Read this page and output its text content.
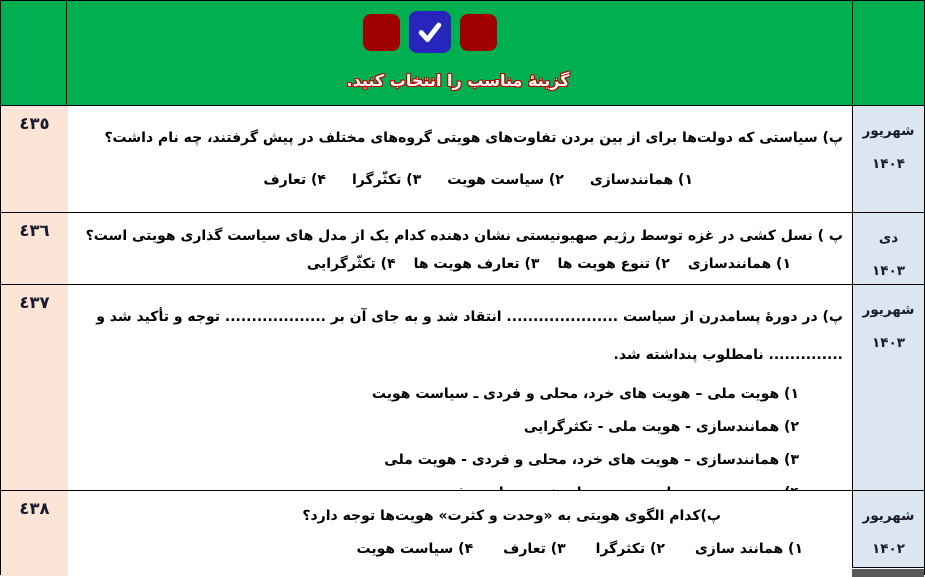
گزینهٔ مناسب را انتخاب کنید.
شهریور
۱۴۰۴
پ) سیاستی که دولت‌ها برای از بین بردن تفاوت‌های هویتی گروه‌های مختلف در پیش گرفتند، چه نام داشت؟
۱) همانندسازی
۲) سیاست هویت
۳) تکثّرگرا
۴) تعارف
٤٣٥
دی
۱۴۰۳
پ ) نسل کشی در غزه توسط رژیم صهیونیستی نشان دهنده کدام یک از مدل های سیاست گذاری هویتی است؟
۱) همانندسازی
۲) تنوع هویت ها
۳) تعارف هویت ها
۴) تکثّرگرایی
٤٣٦
شهریور
۱۴۰۳
پ) در دورۀ پسامدرن از سیاست ..................... انتقاد شد و به جای آن بر ................... توجه و تأکید شد و .............. نامطلوب پنداشته شد.
۱) هویت ملی – هویت های خرد، محلی و فردی ـ سیاست هویت
۲) همانندسازی - هویت ملی - تکثرگرایی
۳) همانندسازی – هویت های خرد، محلی و فردی - هویت ملی
٤٣٧
شهریور
۱۴۰۲
پ)کدام الگوی هویتی به «وحدت و کثرت» هویت‌ها توجه دارد؟
۱) همانند سازی
۲) تکثرگرا
۳) تعارف
۴) سیاست هویت
٤٣٨
